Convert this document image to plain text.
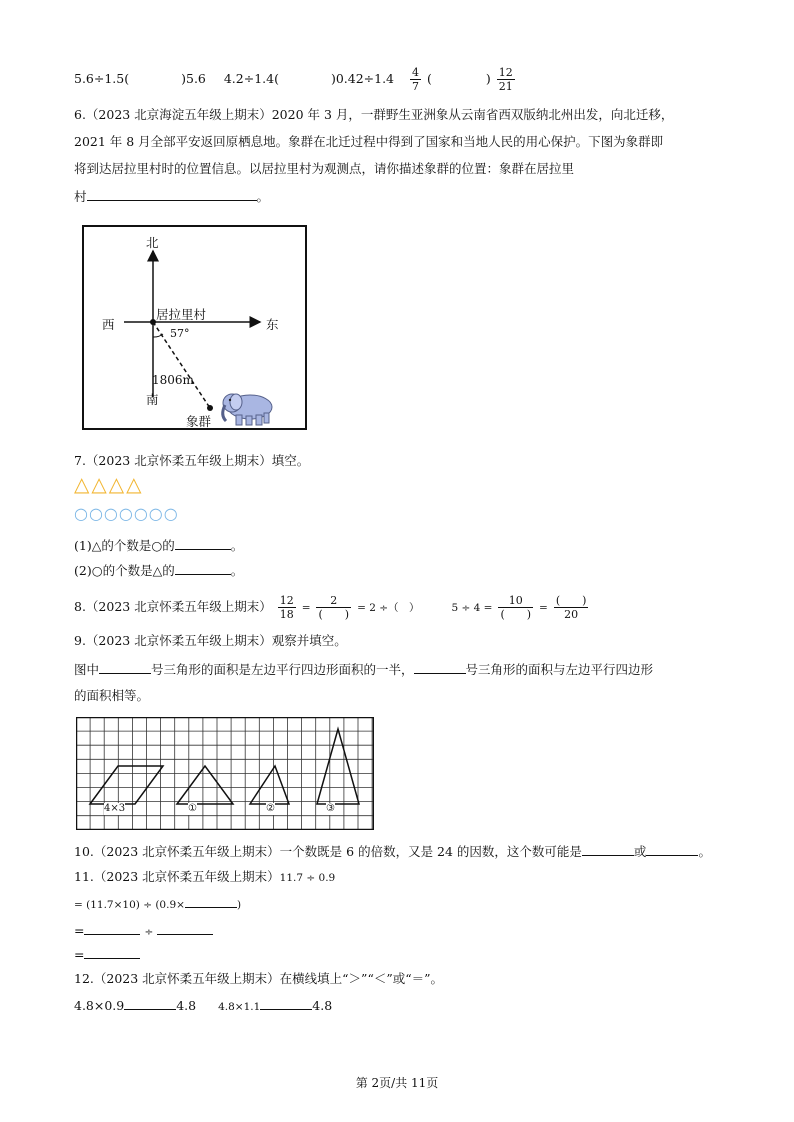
5.6÷1.5(	)5.6 4.2÷1.4(	)$0.42\div 1.4 \frac{4}{7}$ (	) $\frac{12}{21}$
6.（2023 北京海淀五年级上期末）2020 年 3 月，一群野生亚洲象从云南省西双版纳北州出发，向北迁移，
2021 年 8 月全部平安返回原栖息地。象群在北迁过程中得到了国家和当地人民的用心保护。下图为象群即
将到达居拉里村时的位置信息。以居拉里村为观测点，请你描述象群的位置：象群在居拉里
村	。
北
南
西	东
居拉里村
57°
1806m
象群
7.（2023 北京怀柔五年级上期末）填空。
△△△△
○○○○○○○
(1)△的个数是○的	。
(2)○的个数是△的	。
8.（2023 北京怀柔五年级上期末） $\frac{12}{18} = \frac{2}{( )} = 2$ ÷（　）	$5 \div 4 = \frac{10}{( )} = \frac{( )}{20}$
9.（2023 北京怀柔五年级上期末）观察并填空。
图中	号三角形的面积是左边平行四边形面积的一半，	号三角形的面积与左边平行四边形
的面积相等。
4×3	①	②	③
10.（2023 北京怀柔五年级上期末）一个数既是 6 的倍数，又是 24 的因数，这个数可能是	或	。
11.（2023 北京怀柔五年级上期末）11.7 ÷ 0.9
= (11.7×10) ÷ (0.9×	)
=	÷
=
12.（2023 北京怀柔五年级上期末）在横线填上“＞”“＜”或“＝”。
4.8×0.9	4.8 4.8×1.1	4.8
第 2页/共 11页
